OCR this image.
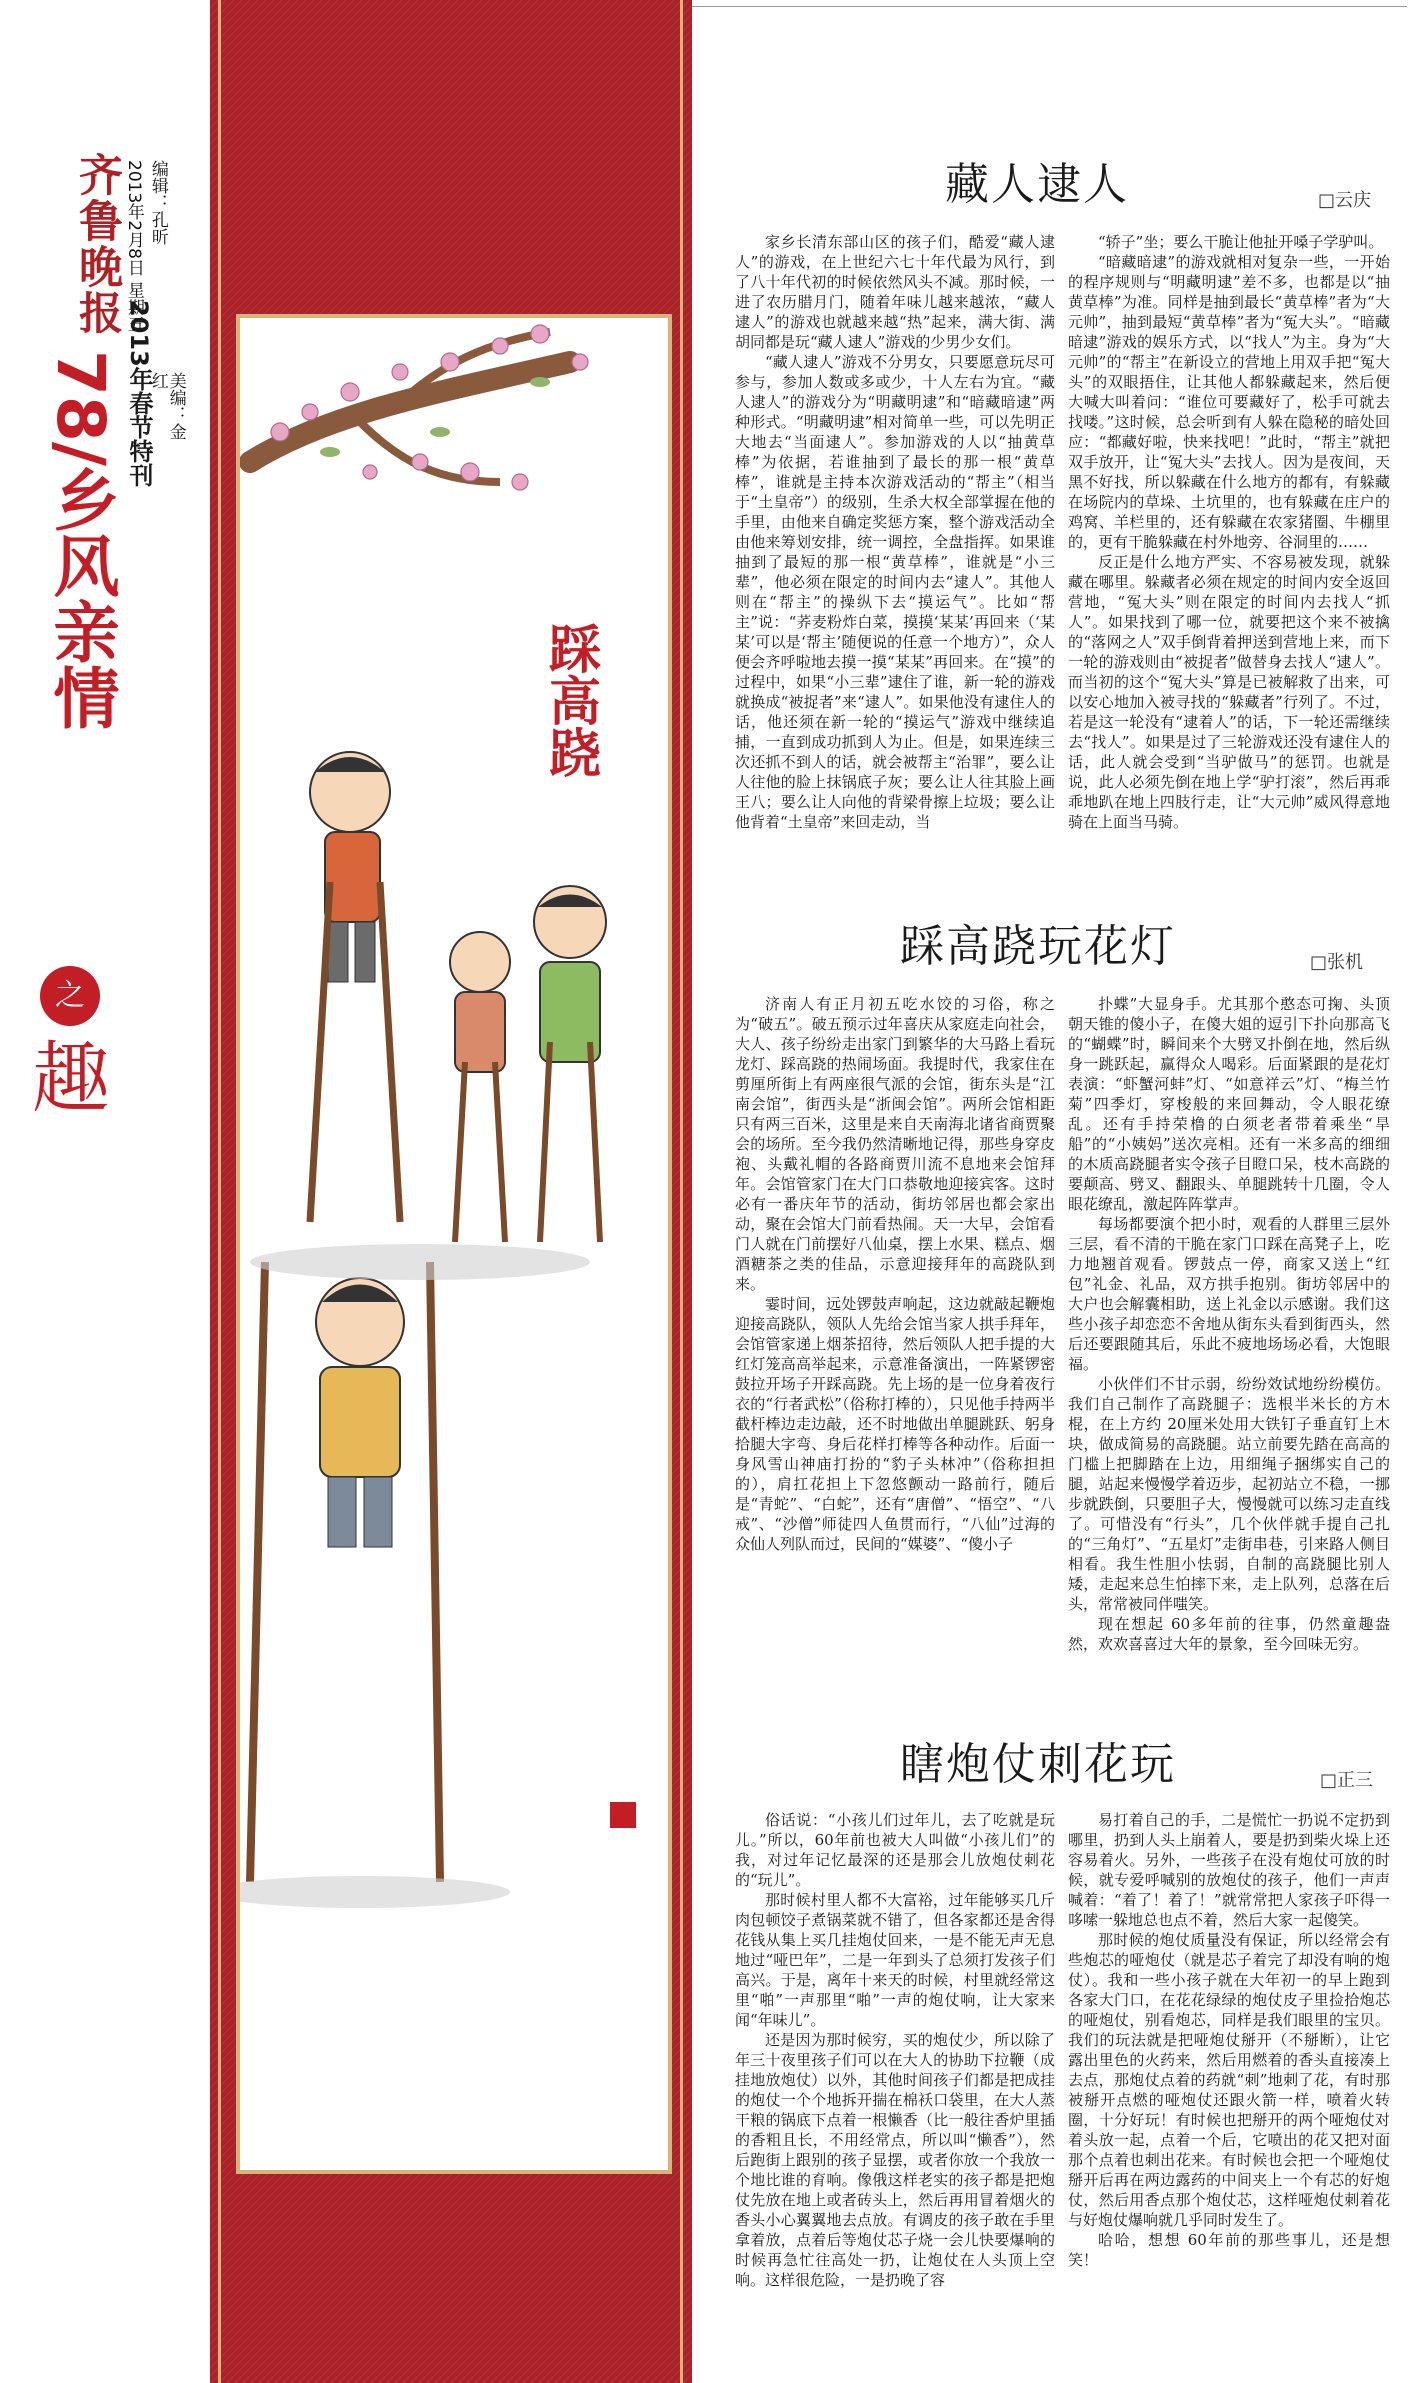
齐鲁晚报 2013年2月8日 星期五 编辑：孔昕
美编：金红
2013年春节特刊
78/乡风亲情
之
趣
踩高跷
藏人逮人	□云庆

家乡长清东部山区的孩子们，酷爱“藏人逮人”的游戏，在上世纪六七十年代最为风行，到了八十年代初的时候依然风头不减。那时候，一进了农历腊月门，随着年味儿越来越浓，“藏人逮人”的游戏也就越来越“热”起来，满大街、满胡同都是玩“藏人逮人”游戏的少男少女们。

“藏人逮人”游戏不分男女，只要愿意玩尽可参与，参加人数或多或少，十人左右为宜。“藏人逮人”的游戏分为“明藏明逮”和“暗藏暗逮”两种形式。“明藏明逮”相对简单一些，可以先明正大地去“当面逮人”。参加游戏的人以“抽黄草棒”为依据，若谁抽到了最长的那一根“黄草棒”，谁就是主持本次游戏活动的“帮主”（相当于“土皇帝”）的级别，生杀大权全部掌握在他的手里，由他来自确定奖惩方案，整个游戏活动全由他来筹划安排，统一调控，全盘指挥。如果谁抽到了最短的那一根“黄草棒”，谁就是“小三辈”，他必须在限定的时间内去“逮人”。其他人则在“帮主”的操纵下去“摸运气”。比如“帮主”说：“荞麦粉炸白菜，摸摸‘某某’再回来（‘某某’可以是‘帮主’随便说的任意一个地方）”，众人便会齐呼啦地去摸一摸“某某”再回来。在“摸”的过程中，如果“小三辈”逮住了谁，新一轮的游戏就换成“被捉者”来“逮人”。如果他没有逮住人的话，他还须在新一轮的“摸运气”游戏中继续追捕，一直到成功抓到人为止。但是，如果连续三次还抓不到人的话，就会被帮主“治罪”，要么让人往他的脸上抹锅底子灰；要么让人往其脸上画王八；要么让人向他的背梁骨擦上垃圾；要么让他背着“土皇帝”来回走动，当

“轿子”坐；要么干脆让他扯开嗓子学驴叫。

“暗藏暗逮”的游戏就相对复杂一些，一开始的程序规则与“明藏明逮”差不多，也都是以“抽黄草棒”为准。同样是抽到最长“黄草棒”者为“大元帅”，抽到最短“黄草棒”者为“冤大头”。“暗藏暗逮”游戏的娱乐方式，以“找人”为主。身为“大元帅”的“帮主”在新设立的营地上用双手把“冤大头”的双眼捂住，让其他人都躲藏起来，然后便大喊大叫着问：“谁位可要藏好了，松手可就去找喽。”这时候，总会听到有人躲在隐秘的暗处回应：“都藏好啦，快来找吧！”此时，“帮主”就把双手放开，让“冤大头”去找人。因为是夜间，天黑不好找，所以躲藏在什么地方的都有，有躲藏在场院内的草垛、土坑里的，也有躲藏在庄户的鸡窝、羊栏里的，还有躲藏在农家猪圈、牛棚里的，更有干脆躲藏在村外地旁、谷洞里的……

反正是什么地方严实、不容易被发现，就躲藏在哪里。躲藏者必须在规定的时间内安全返回营地，“冤大头”则在限定的时间内去找人“抓人”。如果找到了哪一位，就要把这个来不被擒的“落网之人”双手倒背着押送到营地上来，而下一轮的游戏则由“被捉者”做替身去找人“逮人”。而当初的这个“冤大头”算是已被解救了出来，可以安心地加入被寻找的“躲藏者”行列了。不过，若是这一轮没有“逮着人”的话，下一轮还需继续去“找人”。如果是过了三轮游戏还没有逮住人的话，此人就会受到“当驴做马”的惩罚。也就是说，此人必须先倒在地上学“驴打滚”，然后再乖乖地趴在地上四肢行走，让“大元帅”威风得意地骑在上面当马骑。

踩高跷玩花灯	□张机

济南人有正月初五吃水饺的习俗，称之为“破五”。破五预示过年喜庆从家庭走向社会，大人、孩子纷纷走出家门到繁华的大马路上看玩龙灯、踩高跷的热闹场面。我提时代，我家住在剪厘所街上有两座很气派的会馆，街东头是“江南会馆”，街西头是“浙闽会馆”。两所会馆相距只有两三百米，这里是来自天南海北诸省商贾聚会的场所。至今我仍然清晰地记得，那些身穿皮袍、头戴礼帽的各路商贾川流不息地来会馆拜年。会馆管家门在大门口恭敬地迎接宾客。这时必有一番庆年节的活动，街坊邻居也都会家出动，聚在会馆大门前看热闹。天一大早，会馆看门人就在门前摆好八仙桌，摆上水果、糕点、烟酒糖茶之类的佳品，示意迎接拜年的高跷队到来。

霎时间，远处锣鼓声响起，这边就敲起鞭炮迎接高跷队，领队人先给会馆当家人拱手拜年，会馆管家递上烟茶招待，然后领队人把手提的大红灯笼高高举起来，示意准备演出，一阵紧锣密鼓拉开场子开踩高跷。先上场的是一位身着夜行衣的“行者武松”（俗称打棒的），只见他手持两半截杆棒边走边敲，还不时地做出单腿跳跃、躬身拾腿大字弯、身后花样打棒等各种动作。后面一身风雪山神庙打扮的“豹子头林冲”（俗称担担的），肩扛花担上下忽悠颤动一路前行，随后是“青蛇”、“白蛇”，还有“唐僧”、“悟空”、“八戒”、“沙僧”师徒四人鱼贯而行，“八仙”过海的众仙人列队而过，民间的“媒婆”、“傻小子

扑蝶”大显身手。尤其那个憨态可掬、头顶朝天锥的傻小子，在傻大姐的逗引下扑向那高飞的“蝴蝶”时，瞬间来个大劈叉扑倒在地，然后纵身一跳跃起，赢得众人喝彩。后面紧跟的是花灯表演：“虾蟹河蚌”灯、“如意祥云”灯、“梅兰竹菊”四季灯，穿梭般的来回舞动，令人眼花缭乱。还有手持荣橹的白须老者带着乘坐“旱船”的“小姨妈”送次亮相。还有一米多高的细细的木质高跷腿者实令孩子目瞪口呆，枝木高跷的要颠高、劈叉、翻跟头、单腿跳转十几圈，令人眼花缭乱，激起阵阵掌声。

每场都要演个把小时，观看的人群里三层外三层，看不清的干脆在家门口踩在高凳子上，吃力地翘首观看。锣鼓点一停，商家又送上“红包”礼金、礼品，双方拱手抱别。街坊邻居中的大户也会解囊相助，送上礼金以示感谢。我们这些小孩子却恋恋不舍地从街东头看到街西头，然后还要跟随其后，乐此不疲地场场必看，大饱眼福。

小伙伴们不甘示弱，纷纷效试地纷纷模仿。我们自己制作了高跷腿子：选根半米长的方木棍，在上方约 20厘米处用大铁钉子垂直钉上木块，做成简易的高跷腿。站立前要先踏在高高的门槛上把脚踏在上边，用细绳子捆绑实自己的腿，站起来慢慢学着迈步，起初站立不稳，一挪步就跌倒，只要胆子大，慢慢就可以练习走直线了。可惜没有“行头”，几个伙伴就手提自己扎的“三角灯”、“五星灯”走街串巷，引来路人侧目相看。我生性胆小怯弱，自制的高跷腿比别人矮，走起来总生怕摔下来，走上队列，总落在后头，常常被同伴嗤笑。

现在想起 60多年前的往事，仍然童趣盎然，欢欢喜喜过大年的景象，至今回味无穷。

瞎炮仗刺花玩	□正三

俗话说：“小孩儿们过年儿，去了吃就是玩儿。”所以，60年前也被大人叫做“小孩儿们”的我，对过年记忆最深的还是那会儿放炮仗刺花的“玩儿”。

那时候村里人都不大富裕，过年能够买几斤肉包顿饺子煮锅菜就不错了，但各家都还是舍得花钱从集上买几挂炮仗回来，一是不能无声无息地过“哑巴年”，二是一年到头了总须打发孩子们高兴。于是，离年十来天的时候，村里就经常这里“啪”一声那里“啪”一声的炮仗响，让大家来闻“年味儿”。

还是因为那时候穷，买的炮仗少，所以除了年三十夜里孩子们可以在大人的协助下拉鞭（成挂地放炮仗）以外，其他时间孩子们都是把成挂的炮仗一个个地拆开揣在棉袄口袋里，在大人蒸干粮的锅底下点着一根懒香（比一般往香炉里插的香粗且长，不用经常点，所以叫“懒香”），然后跑街上跟别的孩子显摆，或者你放一个我放一个地比谁的育响。像俄这样老实的孩子都是把炮仗先放在地上或者砖头上，然后再用冒着烟火的香头小心翼翼地去点放。有调皮的孩子敢在手里拿着放，点着后等炮仗芯子烧一会儿快要爆响的时候再急忙往高处一扔，让炮仗在人头顶上空响。这样很危险，一是扔晚了容

易打着自己的手，二是慌忙一扔说不定扔到哪里，扔到人头上崩着人，要是扔到柴火垛上还容易着火。另外，一些孩子在没有炮仗可放的时候，就专爱呼喊别的放炮仗的孩子，他们一声声喊着：“着了！着了！”就常常把人家孩子吓得一哆嗦一躲地总也点不着，然后大家一起傻笑。

那时候的炮仗质量没有保证，所以经常会有些炮芯的哑炮仗（就是芯子着完了却没有响的炮仗）。我和一些小孩子就在大年初一的早上跑到各家大门口，在花花绿绿的炮仗皮子里捡拾炮芯的哑炮仗，别看炮芯，同样是我们眼里的宝贝。我们的玩法就是把哑炮仗掰开（不掰断），让它露出里色的火药来，然后用燃着的香头直接凑上去点，那炮仗点着的药就“刺”地刺了花，有时那被掰开点燃的哑炮仗还跟火箭一样，喷着火转圈，十分好玩！有时候也把掰开的两个哑炮仗对着头放一起，点着一个后，它喷出的花又把对面那个点着也刺出花来。有时候也会把一个哑炮仗掰开后再在两边露药的中间夹上一个有芯的好炮仗，然后用香点那个炮仗芯，这样哑炮仗刺着花与好炮仗爆响就几乎同时发生了。

哈哈，想想 60年前的那些事儿，还是想笑！
